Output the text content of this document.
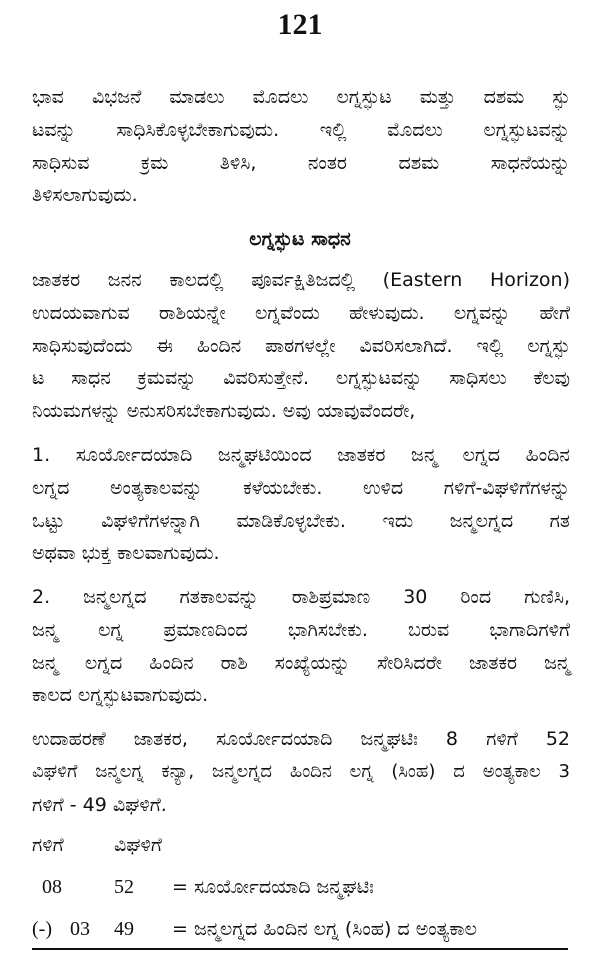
121
ಭಾವ ವಿಭಜನೆ ಮಾಡಲು ಮೊದಲು ಲಗ್ನಸ್ಫುಟ ಮತ್ತು ದಶಮ ಸ್ಫು
ಟವನ್ನು ಸಾಧಿಸಿಕೊಳ್ಳಬೇಕಾಗುವುದು. ಇಲ್ಲಿ ಮೊದಲು ಲಗ್ನಸ್ಫುಟವನ್ನು
ಸಾಧಿಸುವ ಕ್ರಮ ತಿಳಿಸಿ, ನಂತರ ದಶಮ ಸಾಧನೆಯನ್ನು
ತಿಳಿಸಲಾಗುವುದು.
ಲಗ್ನಸ್ಫುಟ ಸಾಧನ
ಜಾತಕರ ಜನನ ಕಾಲದಲ್ಲಿ ಪೂರ್ವಕ್ಷಿತಿಜದಲ್ಲಿ (Eastern Horizon)
ಉದಯವಾಗುವ ರಾಶಿಯನ್ನೇ ಲಗ್ನವೆಂದು ಹೇಳುವುದು. ಲಗ್ನವನ್ನು ಹೇಗೆ
ಸಾಧಿಸುವುದೆಂದು ಈ ಹಿಂದಿನ ಪಾಠಗಳಲ್ಲೇ ವಿವರಿಸಲಾಗಿದೆ. ಇಲ್ಲಿ ಲಗ್ನಸ್ಫು
ಟ ಸಾಧನ ಕ್ರಮವನ್ನು ವಿವರಿಸುತ್ತೇನೆ. ಲಗ್ನಸ್ಫುಟವನ್ನು ಸಾಧಿಸಲು ಕೆಲವು
ನಿಯಮಗಳನ್ನು ಅನುಸರಿಸಬೇಕಾಗುವುದು. ಅವು ಯಾವುವೆಂದರೇ,
1. ಸೂರ್ಯೋದಯಾದಿ ಜನ್ಮಘಟಿಯಿಂದ ಜಾತಕರ ಜನ್ಮ ಲಗ್ನದ ಹಿಂದಿನ
ಲಗ್ನದ ಅಂತ್ಯಕಾಲವನ್ನು ಕಳೆಯಬೇಕು. ಉಳಿದ ಗಳಿಗೆ-ವಿಘಳಿಗೆಗಳನ್ನು
ಒಟ್ಟು ವಿಘಳಿಗೆಗಳನ್ನಾಗಿ ಮಾಡಿಕೊಳ್ಳಬೇಕು. ಇದು ಜನ್ಮಲಗ್ನದ ಗತ
ಅಥವಾ ಭುಕ್ತ ಕಾಲವಾಗುವುದು.
2. ಜನ್ಮಲಗ್ನದ ಗತಕಾಲವನ್ನು ರಾಶಿಪ್ರಮಾಣ 30 ರಿಂದ ಗುಣಿಸಿ,
ಜನ್ಮ ಲಗ್ನ ಪ್ರಮಾಣದಿಂದ ಭಾಗಿಸಬೇಕು. ಬರುವ ಭಾಗಾದಿಗಳಿಗೆ
ಜನ್ಮ ಲಗ್ನದ ಹಿಂದಿನ ರಾಶಿ ಸಂಖ್ಯೆಯನ್ನು ಸೇರಿಸಿದರೇ ಜಾತಕರ ಜನ್ಮ
ಕಾಲದ ಲಗ್ನಸ್ಫುಟವಾಗುವುದು.
ಉದಾಹರಣೆ ಜಾತಕರ, ಸೂರ್ಯೋದಯಾದಿ ಜನ್ಮಘಟಿಃ 8 ಗಳಿಗೆ 52
ವಿಘಳಿಗೆ ಜನ್ಮಲಗ್ನ ಕನ್ಯಾ, ಜನ್ಮಲಗ್ನದ ಹಿಂದಿನ ಲಗ್ನ (ಸಿಂಹ) ದ ಅಂತ್ಯಕಾಲ 3
ಗಳಿಗೆ - 49 ವಿಘಳಿಗೆ.
ಗಳಿಗೆ	ವಿಘಳಿಗೆ
08	52 = ಸೂರ್ಯೋದಯಾದಿ ಜನ್ಮಘಟಿಃ
(-) 03 49 = ಜನ್ಮಲಗ್ನದ ಹಿಂದಿನ ಲಗ್ನ (ಸಿಂಹ) ದ ಅಂತ್ಯಕಾಲ
